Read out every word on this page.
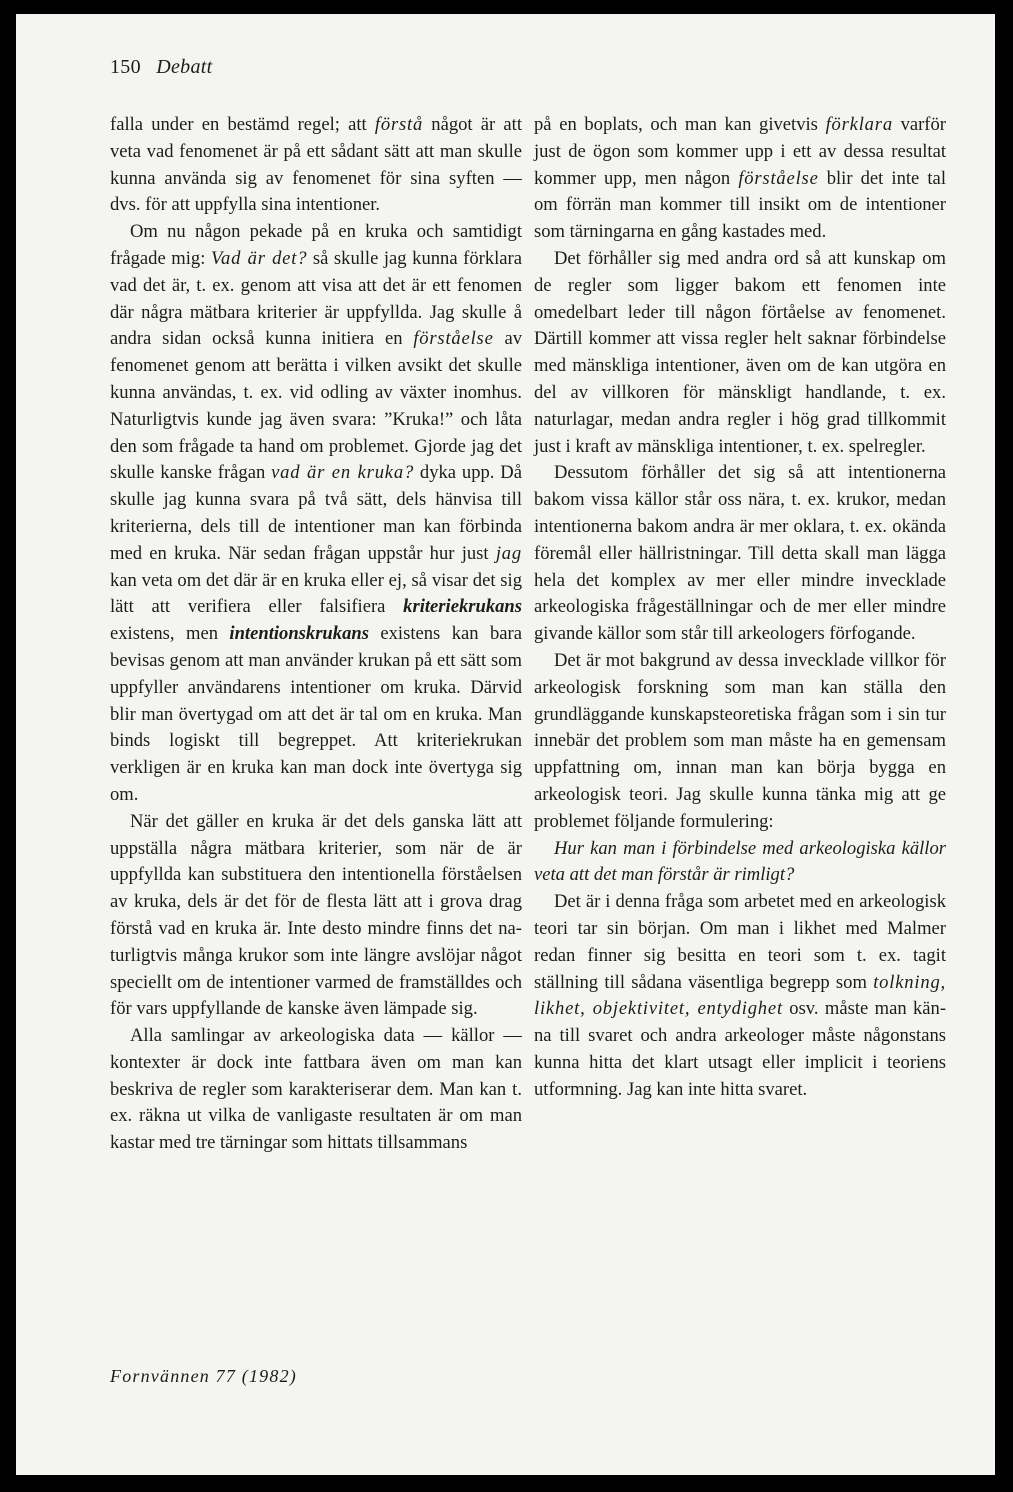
150 Debatt

falla under en bestämd regel; att förstå något är att veta vad fenomenet är på ett sådant sätt att man skulle kunna använda sig av fenomenet för sina syften — dvs. för att uppfylla sina intentioner.

Om nu någon pekade på en kruka och samtidigt frågade mig: Vad är det? så skulle jag kunna förklara vad det är, t. ex. genom att visa att det är ett fenomen där några mätbara kriterier är uppfyllda. Jag skulle å andra sidan också kunna initiera en förståelse av fenomenet genom att berätta i vilken avsikt det skulle kunna användas, t. ex. vid odling av växter inomhus. Naturligtvis kunde jag även svara: ”Kruka!” och låta den som frågade ta hand om problemet. Gjorde jag det skulle kanske frågan vad är en kruka? dyka upp. Då skulle jag kunna svara på två sätt, dels hänvisa till kriterierna, dels till de intentioner man kan förbinda med en kruka. När sedan frågan uppstår hur just jag kan veta om det där är en kruka eller ej, så visar det sig lätt att verifiera eller falsifiera kriteriekrukans existens, men intentionskrukans existens kan bara bevisas genom att man använder krukan på ett sätt som uppfyller användarens intentioner om kruka. Därvid blir man övertygad om att det är tal om en kruka. Man binds logiskt till begreppet. Att kriteriekrukan verkligen är en kruka kan man dock inte övertyga sig om.

När det gäller en kruka är det dels ganska lätt att uppställa några mätbara kriterier, som när de är uppfyllda kan substituera den intentionella förståelsen av kruka, dels är det för de flesta lätt att i grova drag förstå vad en kruka är. Inte desto mindre finns det naturligtvis många krukor som inte längre avslöjar något speciellt om de intentioner varmed de framställdes och för vars uppfyllande de kanske även lämpade sig.

Alla samlingar av arkeologiska data — källor — kontexter är dock inte fattbara även om man kan beskriva de regler som karakteriserar dem. Man kan t. ex. räkna ut vilka de vanligaste resultaten är om man kastar med tre tärningar som hittats tillsammans

på en boplats, och man kan givetvis förklara varför just de ögon som kommer upp i ett av dessa resultat kommer upp, men någon förståelse blir det inte tal om förrän man kommer till insikt om de intentioner som tärningarna en gång kastades med.

Det förhåller sig med andra ord så att kunskap om de regler som ligger bakom ett fenomen inte omedelbart leder till någon förtåelse av fenomenet. Därtill kommer att vissa regler helt saknar förbindelse med mänskliga intentioner, även om de kan utgöra en del av villkoren för mänskligt handlande, t. ex. naturlagar, medan andra regler i hög grad tillkommit just i kraft av mänskliga intentioner, t. ex. spelregler.

Dessutom förhåller det sig så att intentionerna bakom vissa källor står oss nära, t. ex. krukor, medan intentionerna bakom andra är mer oklara, t. ex. okända föremål eller hällristningar. Till detta skall man lägga hela det komplex av mer eller mindre invecklade arkeologiska frågeställningar och de mer eller mindre givande källor som står till arkeologers förfogande.

Det är mot bakgrund av dessa invecklade villkor för arkeologisk forskning som man kan ställa den grundläggande kunskapsteoretiska frågan som i sin tur innebär det problem som man måste ha en gemensam uppfattning om, innan man kan börja bygga en arkeologisk teori. Jag skulle kunna tänka mig att ge problemet följande formulering:

Hur kan man i förbindelse med arkeologiska källor veta att det man förstår är rimligt?

Det är i denna fråga som arbetet med en arkeologisk teori tar sin början. Om man i likhet med Malmer redan finner sig besitta en teori som t. ex. tagit ställning till sådana väsentliga begrepp som tolkning, likhet, objektivitet, entydighet osv. måste man känna till svaret och andra arkeologer måste någonstans kunna hitta det klart utsagt eller implicit i teoriens utformning. Jag kan inte hitta svaret.

Fornvännen 77 (1982)
